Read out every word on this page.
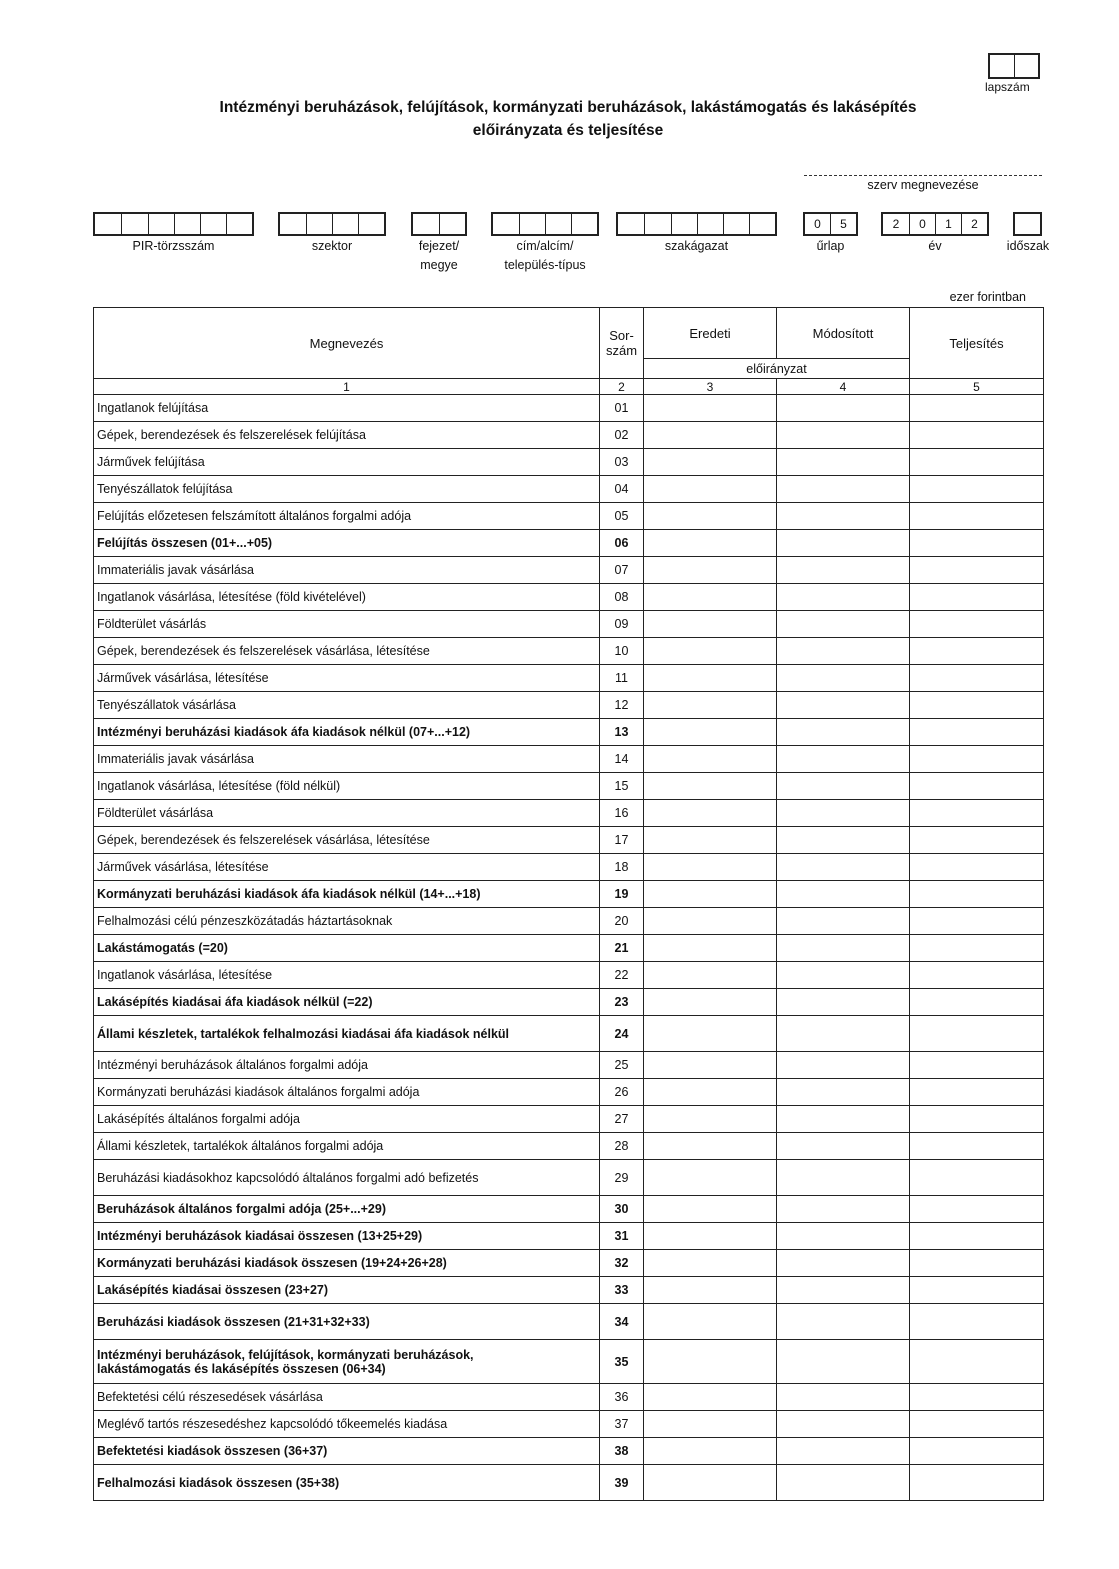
Intézményi beruházások, felújítások, kormányzati beruházások, lakástámogatás és lakásépítés
előirányzata és teljesítése
lapszám
szerv megnevezése
0	5	2	0	1	2
PIR-törzsszám	szektor	fejezet/
megye
cím/alcím/
település-típus
szakágazat	űrlap	év	időszak
ezer forintban
Megnevezés	Sor-
szám	Eredeti	Módosított	Teljesítés
		előirányzat		
1	2	3	4	5

Ingatlanok felújítása	01			

Gépek, berendezések és felszerelések felújítása	02			

Járművek felújítása	03			

Tenyészállatok felújítása	04			

Felújítás előzetesen felszámított általános forgalmi adója	05			

Felújítás összesen (01+...+05)	06			

Immateriális javak vásárlása	07			

Ingatlanok vásárlása, létesítése (föld kivételével)	08			

Földterület vásárlás	09			

Gépek, berendezések és felszerelések vásárlása, létesítése	10			

Járművek vásárlása, létesítése	11			

Tenyészállatok vásárlása	12			

Intézményi beruházási kiadások áfa kiadások nélkül (07+...+12)	13			

Immateriális javak vásárlása	14			

Ingatlanok vásárlása, létesítése (föld nélkül)	15			

Földterület vásárlása	16			

Gépek, berendezések és felszerelések vásárlása, létesítése	17			

Járművek vásárlása, létesítése	18			

Kormányzati beruházási kiadások áfa kiadások nélkül (14+...+18)	19			

Felhalmozási célú pénzeszközátadás háztartásoknak	20			

Lakástámogatás (=20)	21			

Ingatlanok vásárlása, létesítése	22			

Lakásépítés kiadásai áfa kiadások nélkül (=22)	23			

Állami készletek, tartalékok felhalmozási kiadásai áfa kiadások nélkül	24			

Intézményi beruházások általános forgalmi adója	25			

Kormányzati beruházási kiadások általános forgalmi adója	26			

Lakásépítés általános forgalmi adója	27			

Állami készletek, tartalékok általános forgalmi adója	28			

Beruházási kiadásokhoz kapcsolódó általános forgalmi adó befizetés	29			

Beruházások általános forgalmi adója (25+...+29)	30			

Intézményi beruházások kiadásai összesen (13+25+29)	31			

Kormányzati beruházási kiadások összesen (19+24+26+28)	32			

Lakásépítés kiadásai összesen (23+27)	33			

Beruházási kiadások összesen (21+31+32+33)	34			

Intézményi beruházások, felújítások, kormányzati beruházások,
lakástámogatás és lakásépítés összesen (06+34)	35			

Befektetési célú részesedések vásárlása	36			

Meglévő tartós részesedéshez kapcsolódó tőkeemelés kiadása	37			

Befektetési kiadások összesen (36+37)	38			

Felhalmozási kiadások összesen (35+38)	39			
